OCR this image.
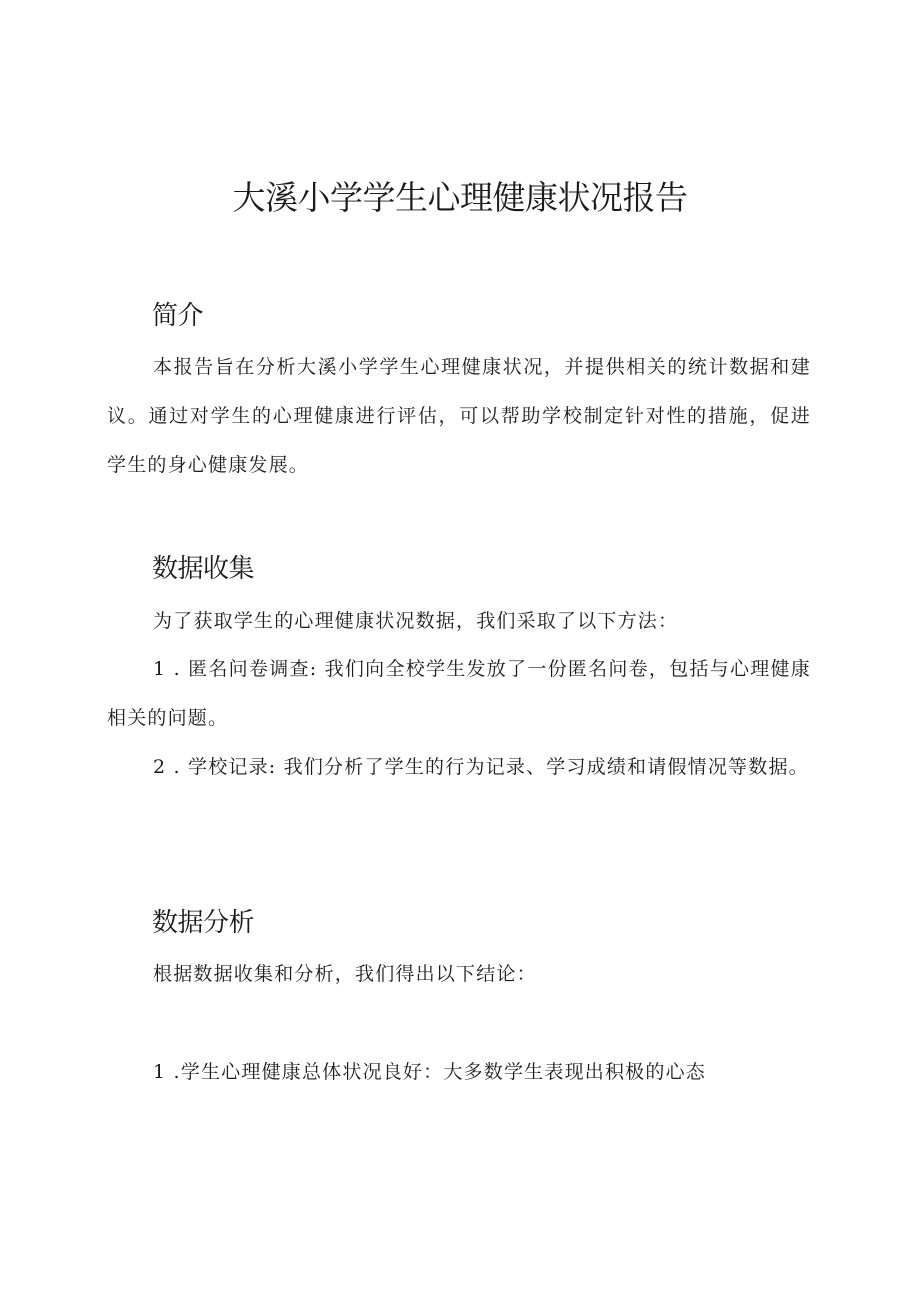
大溪小学学生心理健康状况报告
简介

本报告旨在分析大溪小学学生心理健康状况，并提供相关的统计数据和建议。通过对学生的心理健康进行评估，可以帮助学校制定针对性的措施，促进学生的身心健康发展。

数据收集

为了获取学生的心理健康状况数据，我们采取了以下方法：

1 . 匿名问卷调查: 我们向全校学生发放了一份匿名问卷，包括与心理健康相关的问题。

2 . 学校记录: 我们分析了学生的行为记录、学习成绩和请假情况等数据。

数据分析

根据数据收集和分析，我们得出以下结论：

1 .学生心理健康总体状况良好：大多数学生表现出积极的心态
